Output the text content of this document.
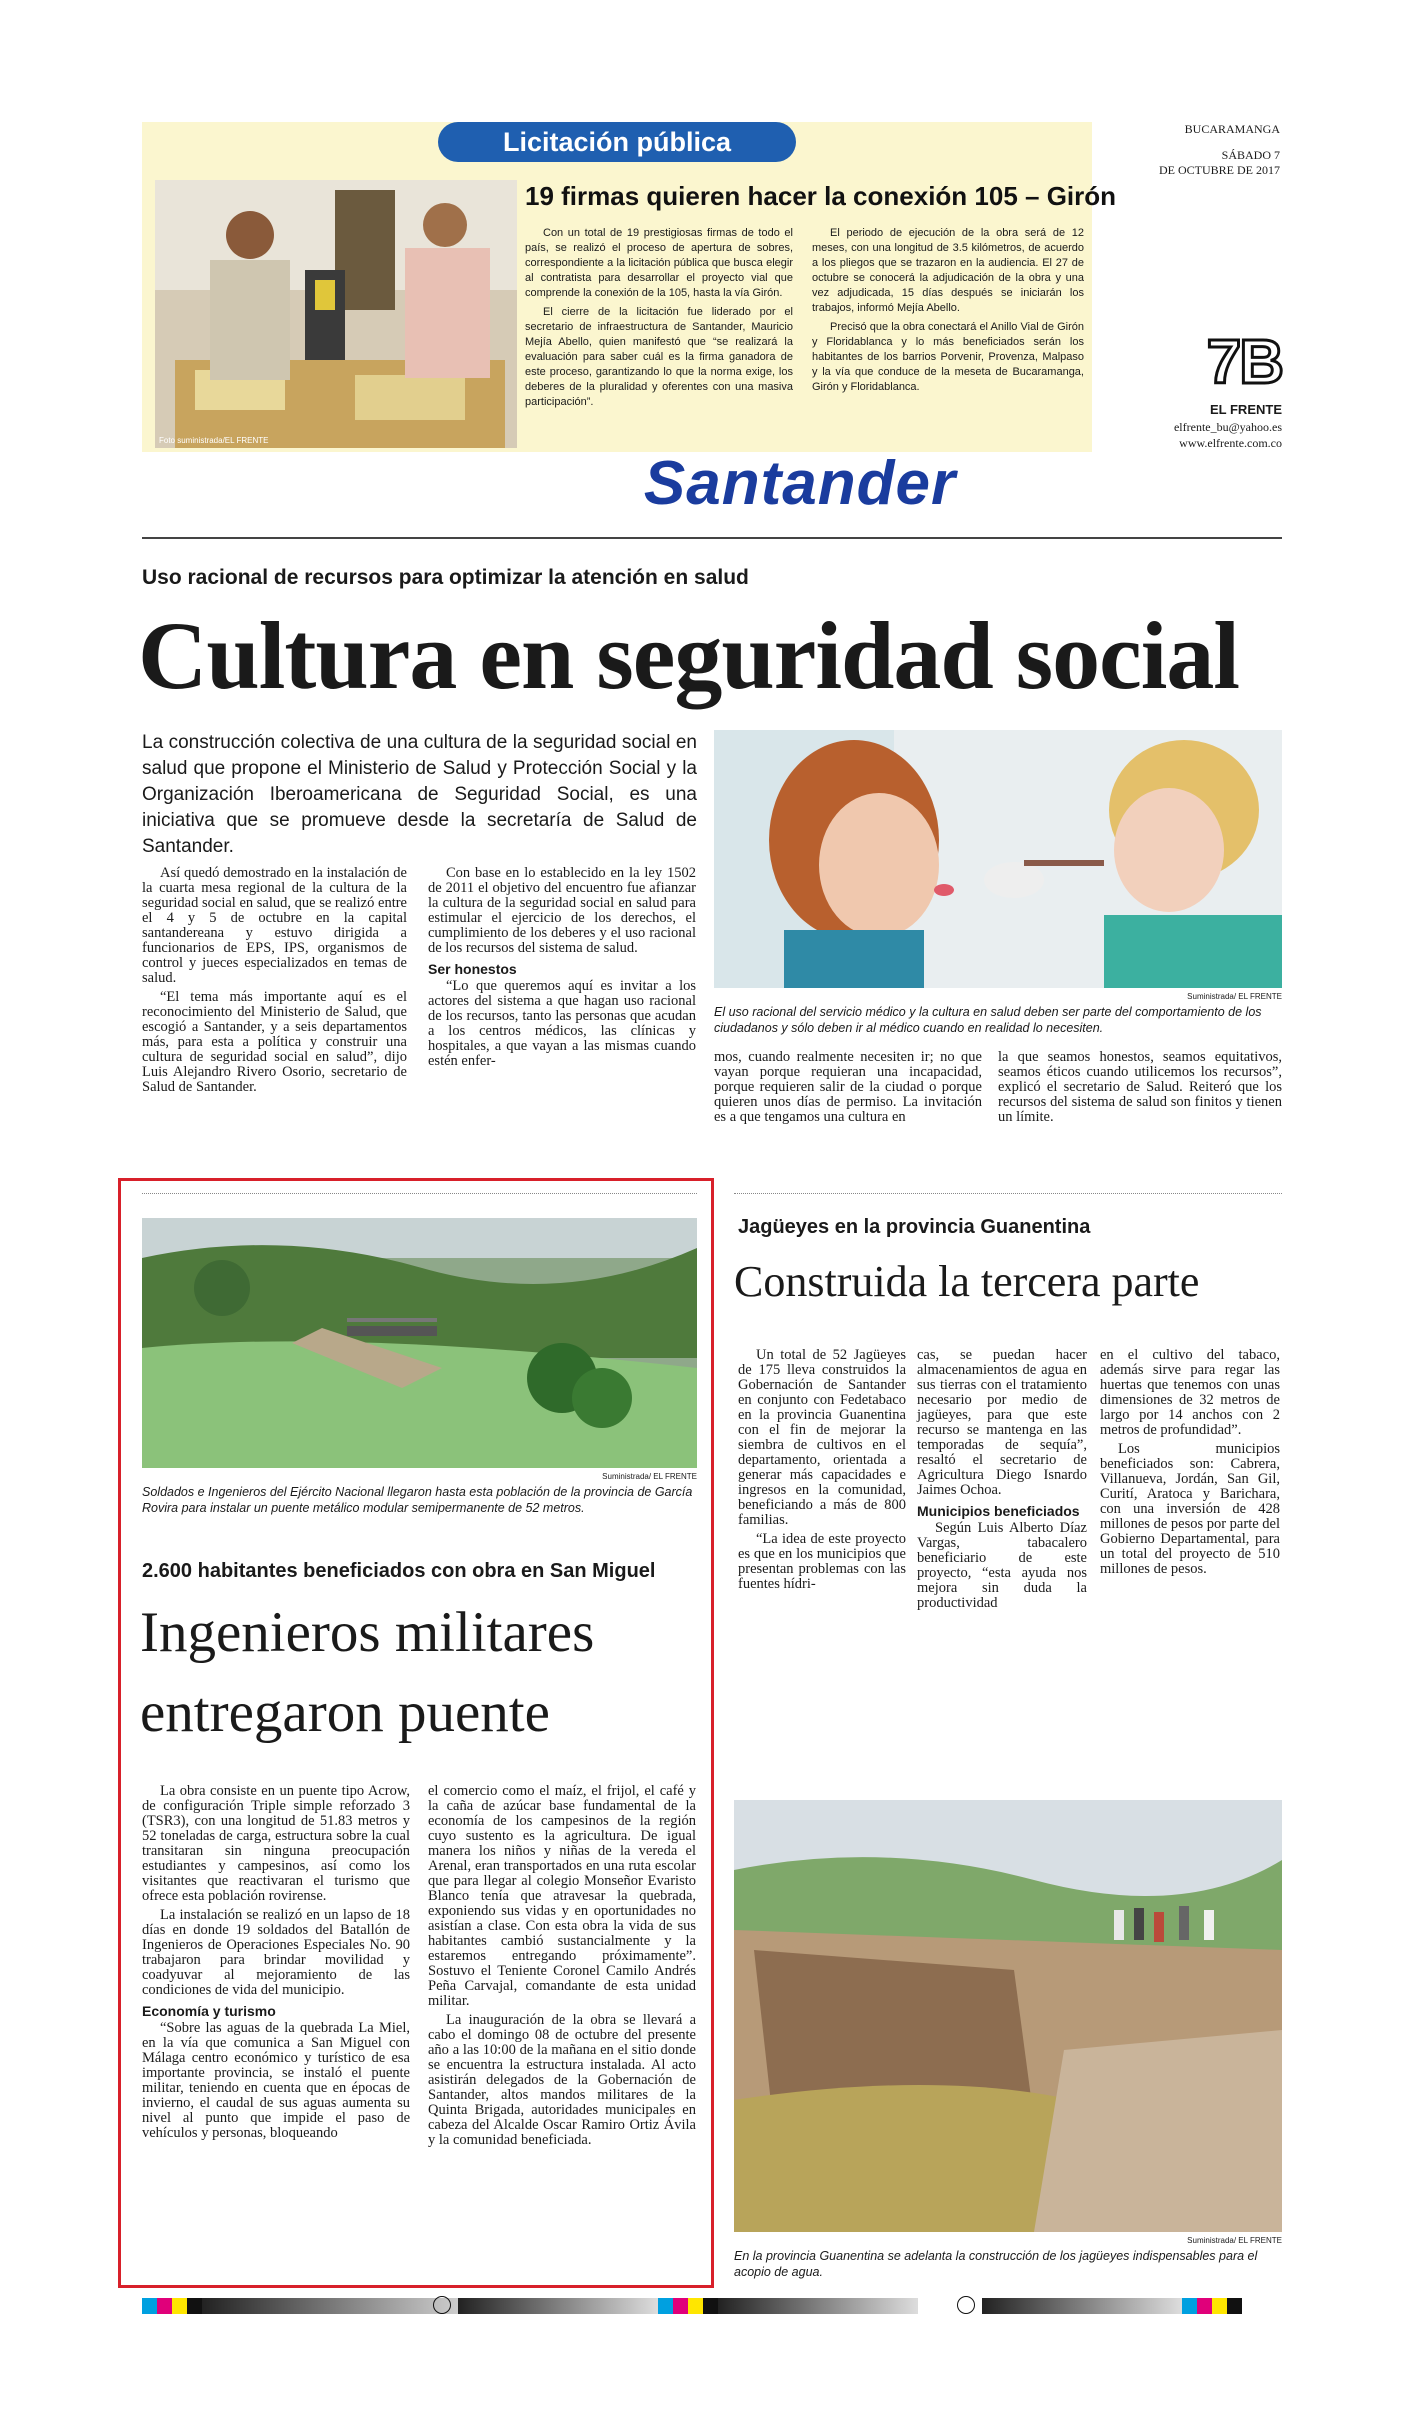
Licitación pública
Foto suministrada/EL FRENTE
19 firmas quieren hacer la conexión 105 – Girón

Con un total de 19 prestigiosas firmas de todo el país, se realizó el proceso de apertura de sobres, correspondiente a la licitación pública que busca elegir al contratista para desarrollar el proyecto vial que comprende la conexión de la 105, hasta la vía Girón.

El cierre de la licitación fue liderado por el secretario de infraestructura de Santander, Mauricio Mejía Abello, quien manifestó que “se realizará la evaluación para saber cuál es la firma ganadora de este proceso, garantizando lo que la norma exige, los deberes de la pluralidad y oferentes con una masiva participación”.

El periodo de ejecución de la obra será de 12 meses, con una longitud de 3.5 kilómetros, de acuerdo a los pliegos que se trazaron en la audiencia. El 27 de octubre se conocerá la adjudicación de la obra y una vez adjudicada, 15 días después se iniciarán los trabajos, informó Mejía Abello.

Precisó que la obra conectará el Anillo Vial de Girón y Floridablanca y lo más beneficiados serán los habitantes de los barrios Porvenir, Provenza, Malpaso y la vía que conduce de la meseta de Bucaramanga, Girón y Floridablanca.

BUCARAMANGA
SÁBADO 7
DE OCTUBRE DE 2017
7B
EL FRENTE
elfrente_bu@yahoo.es
www.elfrente.com.co
Santander
Uso racional de recursos para optimizar la atención en salud
Cultura en seguridad social
La construcción colectiva de una cultura de la seguridad social en salud que propone el Ministerio de Salud y Protección Social y la Organización Iberoamericana de Seguridad Social, es una iniciativa que se promueve desde la secretaría de Salud de Santander.
Suministrada/ EL FRENTE
El uso racional del servicio médico y la cultura en salud deben ser parte del comportamiento de los ciudadanos y sólo deben ir al médico cuando en realidad lo necesiten.

Así quedó demostrado en la instalación de la cuarta mesa regional de la cultura de la seguridad social en salud, que se realizó entre el 4 y 5 de octubre en la capital santandereana y estuvo dirigida a funcionarios de EPS, IPS, organismos de control y jueces especializados en temas de salud.

“El tema más importante aquí es el reconocimiento del Ministerio de Salud, que escogió a Santander, y a seis departamentos más, para esta a política y construir una cultura de seguridad social en salud”, dijo Luis Alejandro Rivero Osorio, secretario de Salud de Santander.

Con base en lo establecido en la ley 1502 de 2011 el objetivo del encuentro fue afianzar la cultura de la seguridad social en salud para estimular el ejercicio de los derechos, el cumplimiento de los deberes y el uso racional de los recursos del sistema de salud.

Ser honestos

“Lo que queremos aquí es invitar a los actores del sistema a que hagan uso racional de los recursos, tanto las personas que acudan a los centros médicos, las clínicas y hospitales, a que vayan a las mismas cuando estén enfer-	mos, cuando realmente necesiten ir; no que vayan porque requieran una incapacidad, porque requieren salir de la ciudad o porque quieren unos días de permiso. La invitación es a que tengamos una cultura en

la que seamos honestos, seamos equitativos, seamos éticos cuando utilicemos los recursos”, explicó el secretario de Salud. Reiteró que los recursos del sistema de salud son finitos y tienen un límite.

Suministrada/ EL FRENTE
Soldados e Ingenieros del Ejército Nacional llegaron hasta esta población de la provincia de García Rovira para instalar un puente metálico modular semipermanente de 52 metros.
2.600 habitantes beneficiados con obra en San Miguel
Ingenieros militares
entregaron puente

La obra consiste en un puente tipo Acrow, de configuración Triple simple reforzado 3 (TSR3), con una longitud de 51.83 metros y 52 toneladas de carga, estructura sobre la cual transitaran sin ninguna preocupación estudiantes y campesinos, así como los visitantes que reactivaran el turismo que ofrece esta población rovirense.

La instalación se realizó en un lapso de 18 días en donde 19 soldados del Batallón de Ingenieros de Operaciones Especiales No. 90 trabajaron para brindar movilidad y coadyuvar al mejoramiento de las condiciones de vida del municipio.

Economía y turismo

“Sobre las aguas de la quebrada La Miel, en la vía que comunica a San Miguel con Málaga centro económico y turístico de esa importante provincia, se instaló el puente militar, teniendo en cuenta que en épocas de invierno, el caudal de sus aguas aumenta su nivel al punto que impide el paso de vehículos y personas, bloqueando

el comercio como el maíz, el frijol, el café y la caña de azúcar base fundamental de la economía de los campesinos de la región cuyo sustento es la agricultura. De igual manera los niños y niñas de la vereda el Arenal, eran transportados en una ruta escolar que para llegar al colegio Monseñor Evaristo Blanco tenía que atravesar la quebrada, exponiendo sus vidas y en oportunidades no asistían a clase. Con esta obra la vida de sus habitantes cambió sustancialmente y la estaremos entregando próximamente”. Sostuvo el Teniente Coronel Camilo Andrés Peña Carvajal, comandante de esta unidad militar.

La inauguración de la obra se llevará a cabo el domingo 08 de octubre del presente año a las 10:00 de la mañana en el sitio donde se encuentra la estructura instalada. Al acto asistirán delegados de la Gobernación de Santander, altos mandos militares de la Quinta Brigada, autoridades municipales en cabeza del Alcalde Oscar Ramiro Ortiz Ávila y la comunidad beneficiada.

Jagüeyes en la provincia Guanentina
Construida la tercera parte

Un total de 52 Jagüeyes de 175 lleva construidos la Gobernación de Santander en conjunto con Fedetabaco en la provincia Guanentina con el fin de mejorar la siembra de cultivos en el departamento, orientada a generar más capacidades e ingresos en la comunidad, beneficiando a más de 800 familias.

“La idea de este proyecto es que en los municipios que presentan problemas con las fuentes hídri-

cas, se puedan hacer almacenamientos de agua en sus tierras con el tratamiento necesario por medio de jagüeyes, para que este recurso se mantenga en las temporadas de sequía”, resaltó el secretario de Agricultura Diego Isnardo Jaimes Ochoa.

Municipios beneficiados

Según Luis Alberto Díaz Vargas, tabacalero beneficiario de este proyecto, “esta ayuda nos mejora sin duda la productividad

en el cultivo del tabaco, además sirve para regar las huertas que tenemos con unas dimensiones de 32 metros de largo por 14 anchos con 2 metros de profundidad”.

Los municipios beneficiados son: Cabrera, Villanueva, Jordán, San Gil, Curití, Aratoca y Barichara, con una inversión de 428 millones de pesos por parte del Gobierno Departamental, para un total del proyecto de 510 millones de pesos.

Suministrada/ EL FRENTE
En la provincia Guanentina se adelanta la construcción de los jagüeyes indispensables para el acopio de agua.
